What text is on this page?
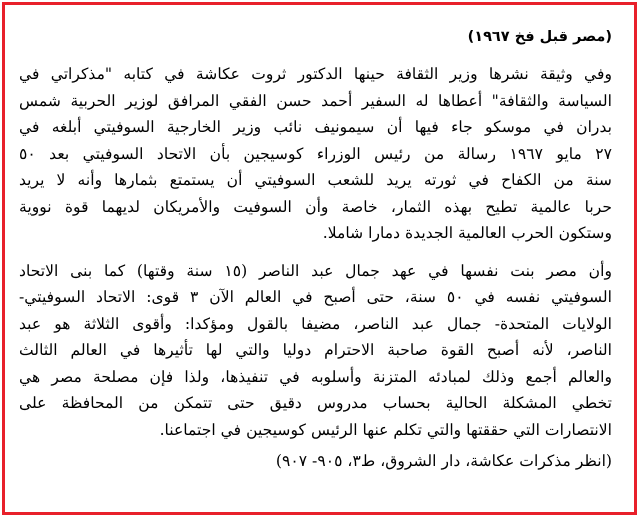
(مصر قبل فخ ١٩٦٧)
وفي وثيقة نشرها وزير الثقافة حينها الدكتور ثروت عكاشة في كتابه "مذكراتي في
السياسة والثقافة" أعطاها له السفير أحمد حسن الفقي المرافق لوزير الحربية شمس
بدران في موسكو جاء فيها أن سيمونيف نائب وزير الخارجية السوفيتي أبلغه في
٢٧ مايو ١٩٦٧ رسالة من رئيس الوزراء كوسيجين بأن الاتحاد السوفيتي بعد ٥٠
سنة من الكفاح في ثورته يريد للشعب السوفيتي أن يستمتع بثمارها وأنه لا يريد
حربا عالمية تطيح بهذه الثمار، خاصة وأن السوفيت والأمريكان لديهما قوة نووية
وستكون الحرب العالمية الجديدة دمارا شاملا.
وأن مصر بنت نفسها في عهد جمال عبد الناصر (١٥ سنة وقتها) كما بنى الاتحاد
السوفيتي نفسه في ٥٠ سنة، حتى أصبح في العالم الآن ٣ قوى: الاتحاد السوفيتي-
الولايات المتحدة- جمال عبد الناصر، مضيفا بالقول ومؤكدا: وأقوى الثلاثة هو عبد
الناصر، لأنه أصبح القوة صاحبة الاحترام دوليا والتي لها تأثيرها في العالم الثالث
والعالم أجمع وذلك لمبادئه المتزنة وأسلوبه في تنفيذها، ولذا فإن مصلحة مصر هي
تخطي المشكلة الحالية بحساب مدروس دقيق حتى تتمكن من المحافظة على
الانتصارات التي حققتها والتي تكلم عنها الرئيس كوسيجين في اجتماعنا.
(انظر مذكرات عكاشة، دار الشروق، ط٣، ٩٠٥- ٩٠٧)
